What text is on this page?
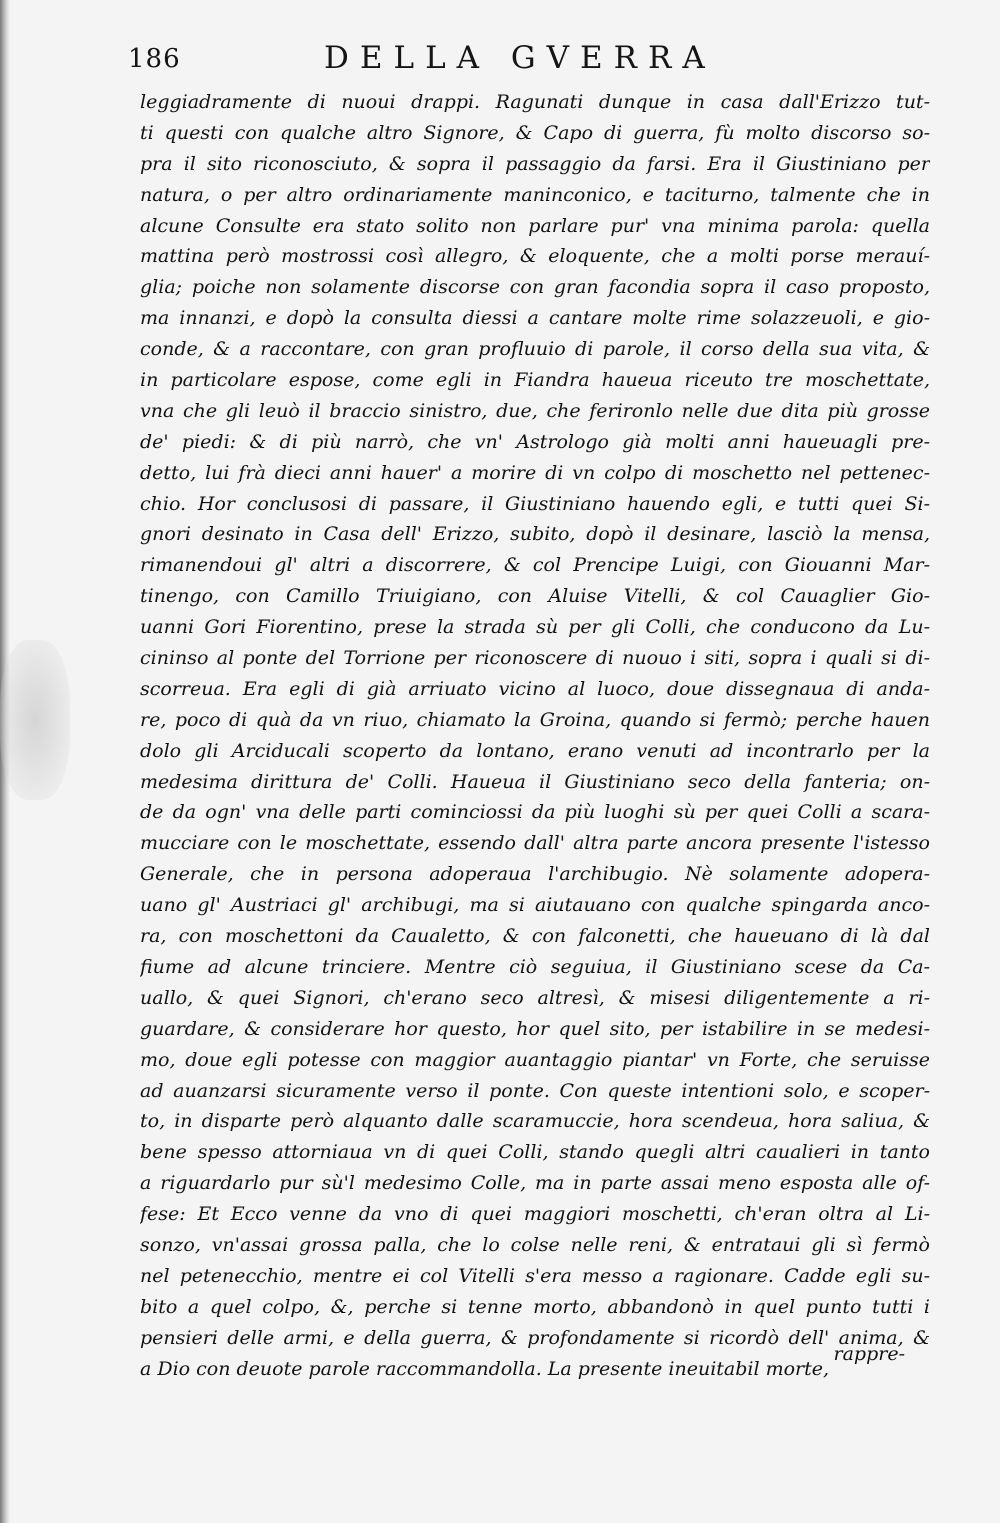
186	DELLA GVERRA
leggiadramente di nuoui drappi. Ragunati dunque in casa dall'Erizzo tut-
ti questi con qualche altro Signore, & Capo di guerra, fù molto discorso so-
pra il sito riconosciuto, & sopra il passaggio da farsi. Era il Giustiniano per
natura, o per altro ordinariamente maninconico, e taciturno, talmente che in
alcune Consulte era stato solito non parlare pur' vna minima parola: quella
mattina però mostrossi così allegro, & eloquente, che a molti porse merauí-
glia; poiche non solamente discorse con gran facondia sopra il caso proposto,
ma innanzi, e dopò la consulta diessi a cantare molte rime solazzeuoli, e gio-
conde, & a raccontare, con gran profluuio di parole, il corso della sua vita, &
in particolare espose, come egli in Fiandra haueua riceuto tre moschettate,
vna che gli leuò il braccio sinistro, due, che ferironlo nelle due dita più grosse
de' piedi: & di più narrò, che vn' Astrologo già molti anni haueuagli pre-
detto, lui frà dieci anni hauer' a morire di vn colpo di moschetto nel pettenec-
chio. Hor conclusosi di passare, il Giustiniano hauendo egli, e tutti quei Si-
gnori desinato in Casa dell' Erizzo, subito, dopò il desinare, lasciò la mensa,
rimanendoui gl' altri a discorrere, & col Prencipe Luigi, con Giouanni Mar-
tinengo, con Camillo Triuigiano, con Aluise Vitelli, & col Cauaglier Gio-
uanni Gori Fiorentino, prese la strada sù per gli Colli, che conducono da Lu-
cininso al ponte del Torrione per riconoscere di nuouo i siti, sopra i quali si di-
scorreua. Era egli di già arriuato vicino al luoco, doue dissegnaua di anda-
re, poco di quà da vn riuo, chiamato la Groina, quando si fermò; perche hauen
dolo gli Arciducali scoperto da lontano, erano venuti ad incontrarlo per la
medesima dirittura de' Colli. Haueua il Giustiniano seco della fanteria; on-
de da ogn' vna delle parti cominciossi da più luoghi sù per quei Colli a scara-
mucciare con le moschettate, essendo dall' altra parte ancora presente l'istesso
Generale, che in persona adoperaua l'archibugio. Nè solamente adopera-
uano gl' Austriaci gl' archibugi, ma si aiutauano con qualche spingarda anco-
ra, con moschettoni da Caualetto, & con falconetti, che haueuano di là dal
fiume ad alcune trinciere. Mentre ciò seguiua, il Giustiniano scese da Ca-
uallo, & quei Signori, ch'erano seco altresì, & misesi diligentemente a ri-
guardare, & considerare hor questo, hor quel sito, per istabilire in se medesi-
mo, doue egli potesse con maggior auantaggio piantar' vn Forte, che seruisse
ad auanzarsi sicuramente verso il ponte. Con queste intentioni solo, e scoper-
to, in disparte però alquanto dalle scaramuccie, hora scendeua, hora saliua, &
bene spesso attorniaua vn di quei Colli, stando quegli altri caualieri in tanto
a riguardarlo pur sù'l medesimo Colle, ma in parte assai meno esposta alle of-
fese: Et Ecco venne da vno di quei maggiori moschetti, ch'eran oltra al Li-
sonzo, vn'assai grossa palla, che lo colse nelle reni, & entrataui gli sì fermò
nel petenecchio, mentre ei col Vitelli s'era messo a ragionare. Cadde egli su-
bito a quel colpo, &, perche si tenne morto, abbandonò in quel punto tutti i
pensieri delle armi, e della guerra, & profondamente si ricordò dell' anima, &
a Dio con deuote parole raccommandolla. La presente ineuitabil morte,
rappre-
